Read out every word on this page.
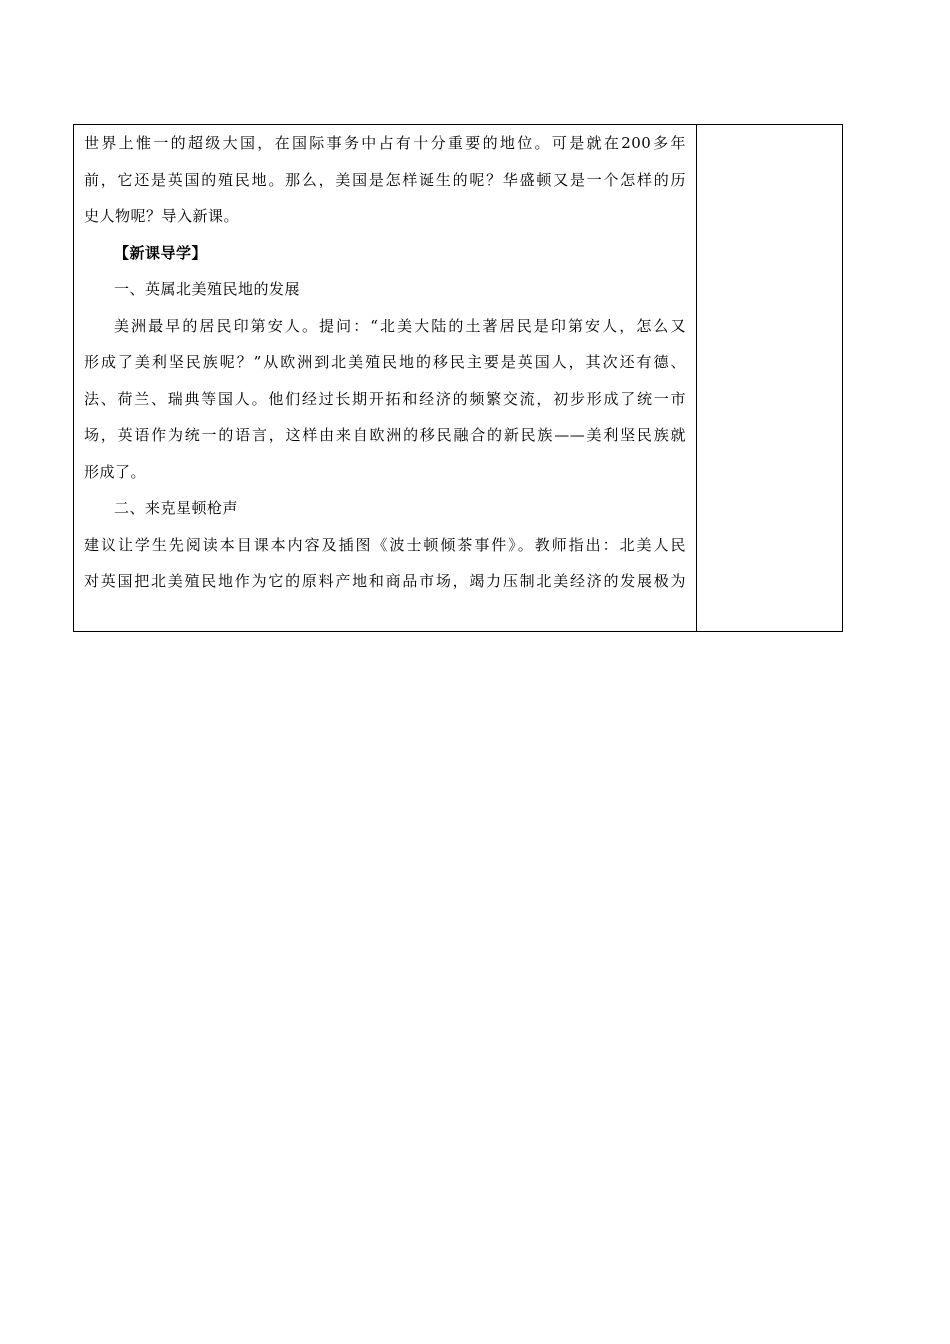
世界上惟一的超级大国，在国际事务中占有十分重要的地位。可是就在200多年
前，它还是英国的殖民地。那么，美国是怎样诞生的呢？华盛顿又是一个怎样的历
史人物呢？导入新课。
【新课导学】
一、英属北美殖民地的发展
美洲最早的居民印第安人。提问：“北美大陆的土著居民是印第安人，怎么又
形成了美利坚民族呢？”从欧洲到北美殖民地的移民主要是英国人，其次还有德、
法、荷兰、瑞典等国人。他们经过长期开拓和经济的频繁交流，初步形成了统一市
场，英语作为统一的语言，这样由来自欧洲的移民融合的新民族——美利坚民族就
形成了。
二、来克星顿枪声
建议让学生先阅读本目课本内容及插图《波士顿倾茶事件》。教师指出：北美人民
对英国把北美殖民地作为它的原料产地和商品市场，竭力压制北美经济的发展极为
